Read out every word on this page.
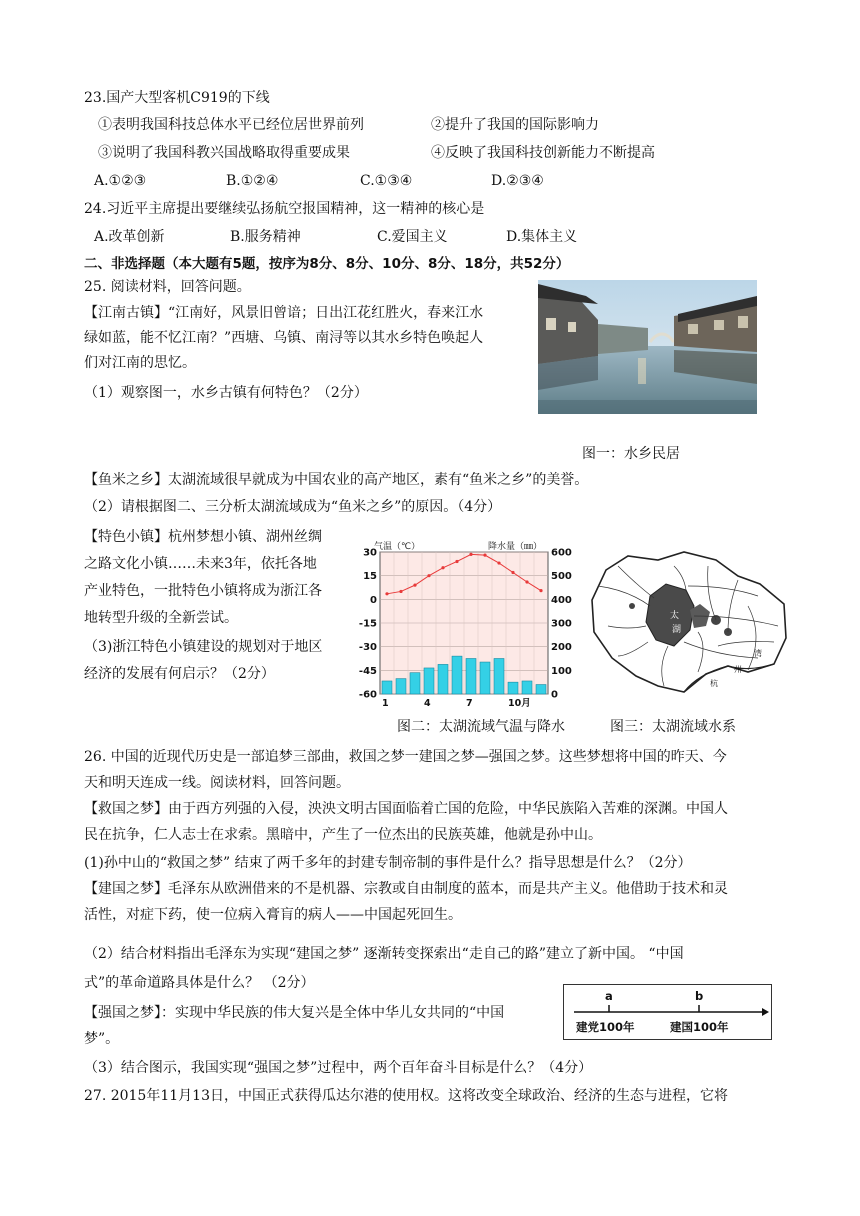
23.国产大型客机C919的下线
①表明我国科技总体水平已经位居世界前列	②提升了我国的国际影响力
③说明了我国科教兴国战略取得重要成果	④反映了我国科技创新能力不断提高
A.①②③	B.①②④	C.①③④	D.②③④
24.习近平主席提出要继续弘扬航空报国精神，这一精神的核心是
A.改革创新	B.服务精神	C.爱国主义	D.集体主义
二、非选择题（本大题有5题，按序为8分、8分、10分、8分、18分，共52分）
25. 阅读材料，回答问题。
【江南古镇】“江南好，风景旧曾谙；日出江花红胜火，春来江水
绿如蓝，能不忆江南？”西塘、乌镇、南浔等以其水乡特色唤起人
们对江南的思忆。
（1）观察图一，水乡古镇有何特色？（2分）
图一：水乡民居
【鱼米之乡】太湖流域很早就成为中国农业的高产地区，素有“鱼米之乡”的美誉。
（2）请根据图二、三分析太湖流域成为“鱼米之乡”的原因。（4分）
【特色小镇】杭州梦想小镇、湖州丝绸
之路文化小镇……未来3年，依托各地
产业特色，一批特色小镇将成为浙江各
地转型升级的全新尝试。
（3)浙江特色小镇建设的规划对于地区
经济的发展有何启示？（2分）
30
15
0
-15
-30
-45
-60
600
500
400
300
200
100
0
1	4	7	10月
气温（℃）	降水量（㎜）
太
湖
杭
州
湾
图二：太湖流域气温与降水	图三：太湖流域水系
26. 中国的近现代历史是一部追梦三部曲，救国之梦一建国之梦—强国之梦。这些梦想将中国的昨天、今
天和明天连成一线。阅读材料，回答问题。
【救国之梦】由于西方列强的入侵，泱泱文明古国面临着亡国的危险，中华民族陷入苦难的深渊。中国人
民在抗争，仁人志士在求索。黑暗中，产生了一位杰出的民族英雄，他就是孙中山。
(1)孙中山的“救国之梦” 结束了两千多年的封建专制帝制的事件是什么？指导思想是什么？（2分）
【建国之梦】毛泽东从欧洲借来的不是机器、宗教或自由制度的蓝本，而是共产主义。他借助于技术和灵
活性，对症下药，使一位病入膏肓的病人——中国起死回生。
（2）结合材料指出毛泽东为实现“建国之梦” 逐渐转变探索出“走自己的路”建立了新中国。 “中国
式”的革命道路具体是什么？ （2分）
【强国之梦】：实现中华民族的伟大复兴是全体中华儿女共同的“中国
梦”。
a	b
建党100年	建国100年
（3）结合图示，我国实现“强国之梦”过程中，两个百年奋斗目标是什么？（4分）
27. 2015年11月13日，中国正式获得瓜达尔港的使用权。这将改变全球政治、经济的生态与进程，它将
